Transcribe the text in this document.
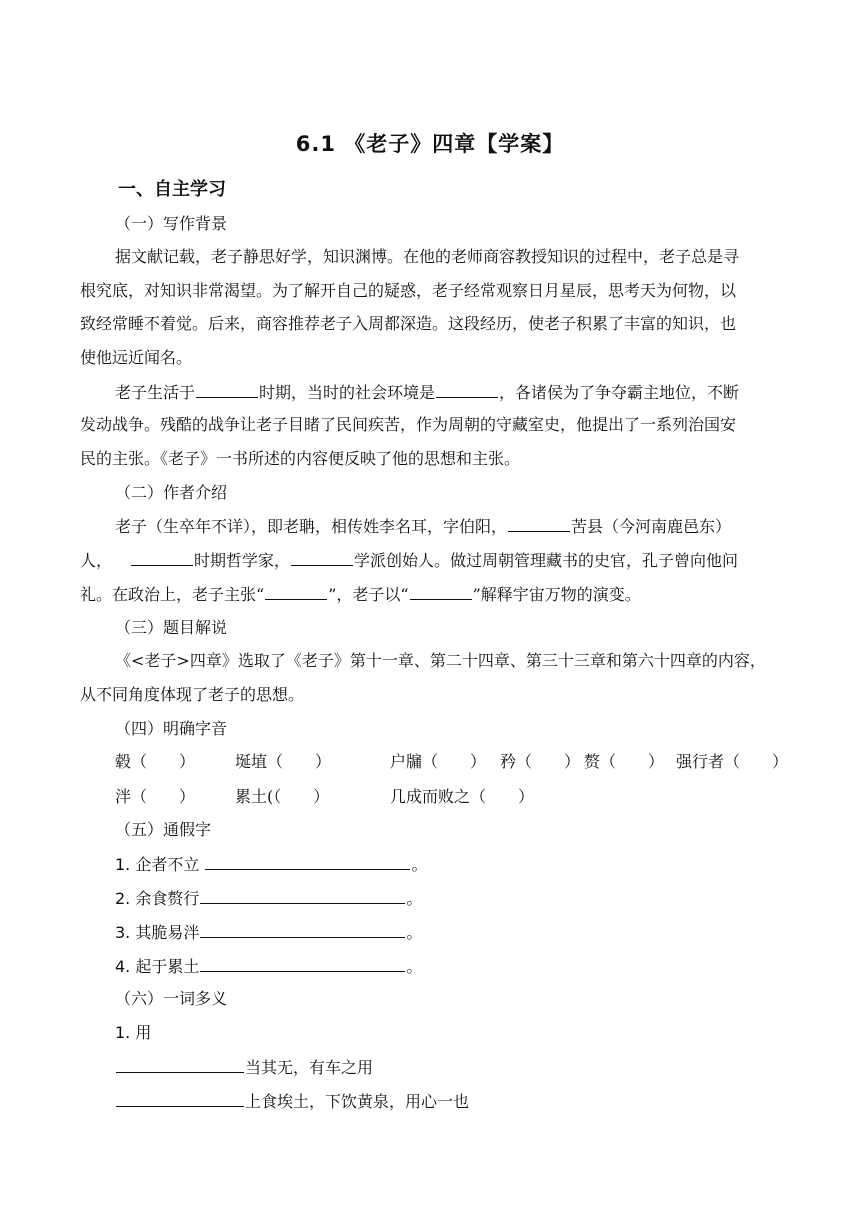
6.1 《老子》四章【学案】
一、自主学习
（一）写作背景
据文献记载，老子静思好学，知识渊博。在他的老师商容教授知识的过程中，老子总是寻
根究底，对知识非常渴望。为了解开自己的疑惑，老子经常观察日月星辰，思考天为何物，以
致经常睡不着觉。后来，商容推荐老子入周都深造。这段经历，使老子积累了丰富的知识，也
使他远近闻名。
老子生活于	时期，当时的社会环境是	，各诸侯为了争夺霸主地位，不断
发动战争。残酷的战争让老子目睹了民间疾苦，作为周朝的守藏室史，他提出了一系列治国安
民的主张。《老子》一书所述的内容便反映了他的思想和主张。
（二）作者介绍
老子（生卒年不详），即老聃，相传姓李名耳，字伯阳，	苦县（今河南鹿邑东）
人，	时期哲学家，	学派创始人。做过周朝管理藏书的史官，孔子曾向他问
礼。在政治上，老子主张“	”，老子以“	”解释宇宙万物的演变。
（三）题目解说
《<老子>四章》选取了《老子》第十一章、第二十四章、第三十三章和第六十四章的内容，
从不同角度体现了老子的思想。
（四）明确字音
毂（　　） 埏埴（　　）	户牖（　　） 矜（　　） 赘（　　） 强行者（　　）
泮（　　） 累土(（　　）	几成而败之（　　）
（五）通假字
1. 企者不立	。
2. 余食赘行	。
3. 其脆易泮	。
4. 起于累土	。
（六）一词多义
1. 用
当其无，有车之用
上食埃土，下饮黄泉，用心一也
